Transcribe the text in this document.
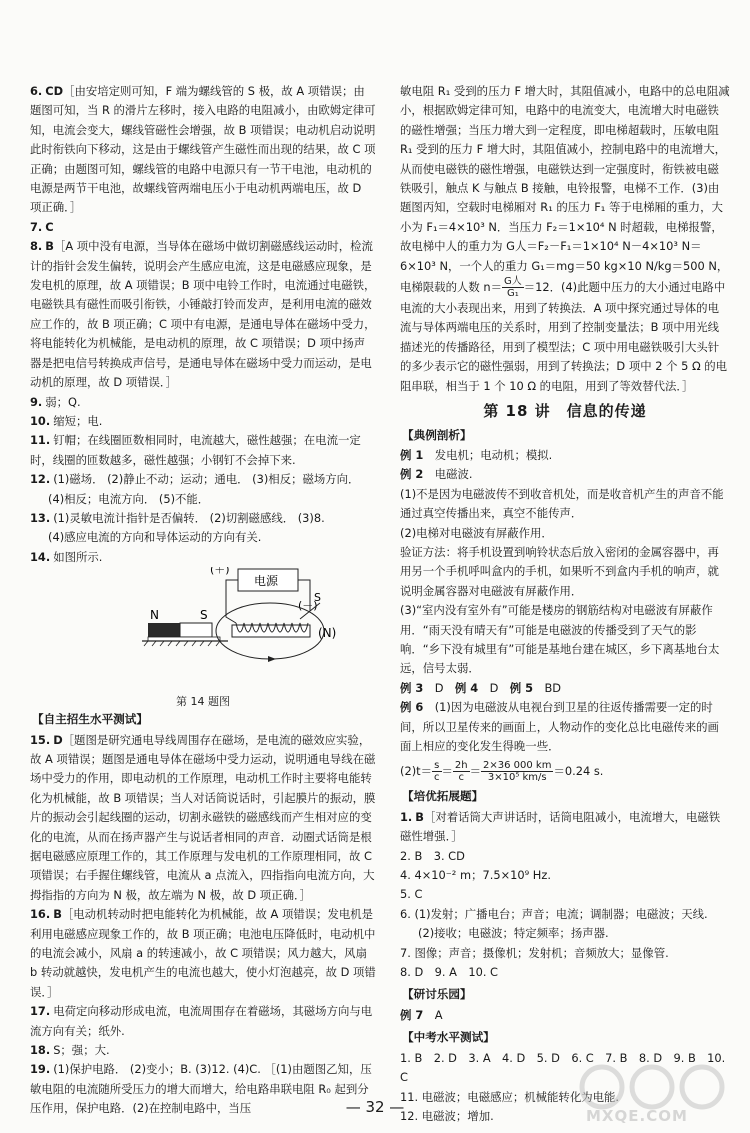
6. CD［由安培定则可知，F 端为螺线管的 S 极，故 A 项错误；由题图可知，当 R 的滑片左移时，接入电路的电阻减小，由欧姆定律可知，电流会变大，螺线管磁性会增强，故 B 项错误；电动机启动说明此时衔铁向下移动，这是由于螺线管产生磁性而出现的结果，故 C 项正确；由题图可知，螺线管的电路中电源只有一节干电池，电动机的电源是两节干电池，故螺线管两端电压小于电动机两端电压，故 D 项正确．］

7. C

8. B［A 项中没有电源，当导体在磁场中做切割磁感线运动时，检流计的指针会发生偏转，说明会产生感应电流，这是电磁感应现象，是发电机的原理，故 A 项错误；B 项中电铃工作时，电流通过电磁铁，电磁铁具有磁性而吸引衔铁，小锤敲打铃而发声，是利用电流的磁效应工作的，故 B 项正确；C 项中有电源，是通电导体在磁场中受力，将电能转化为机械能，是电动机的原理，故 C 项错误；D 项中扬声器是把电信号转换成声信号，是通电导体在磁场中受力而运动，是电动机的原理，故 D 项错误．］

9. 弱；Q.

10. 缩短；电.

11. 钉帽；在线圈匝数相同时，电流越大，磁性越强；在电流一定时，线圈的匝数越多，磁性越强；小钢钉不会掉下来.

12. (1)磁场． (2)静止不动；运动；通电． (3)相反；磁场方向．

(4)相反；电流方向． (5)不能．

13. (1)灵敏电流计指针是否偏转． (2)切割磁感线． (3)8.

(4)感应电流的方向和导体运动的方向有关.

14. 如图所示.

N	S
电源
(＋)
(－)
S
(N)
第 14 题图
【自主招生水平测试】

15. D［题图是研究通电导线周围存在磁场，是电流的磁效应实验，故 A 项错误；题图是通电导体在磁场中受力运动，说明通电导线在磁场中受力的作用，即电动机的工作原理，电动机工作时主要将电能转化为机械能，故 B 项错误；当人对话筒说话时，引起膜片的振动，膜片的振动会引起线圈的运动，切割永磁铁的磁感线而产生相对应的变化的电流，从而在扬声器产生与说话者相同的声音．动圈式话筒是根据电磁感应原理工作的，其工作原理与发电机的工作原理相同，故 C 项错误；右手握住螺线管，电流从 a 点流入，四指指向电流方向，大拇指指的方向为 N 极，故左端为 N 极，故 D 项正确．］

16. B［电动机转动时把电能转化为机械能，故 A 项错误；发电机是利用电磁感应现象工作的，故 B 项正确；电池电压降低时，电动机中的电流会减小，风扇 a 的转速减小，故 C 项错误；风力越大，风扇 b 转动就越快，发电机产生的电流也越大，使小灯泡越亮，故 D 项错误．］

17. 电荷定向移动形成电流，电流周围存在着磁场，其磁场方向与电流方向有关；纸外.

18. S；强；大.

19. (1)保护电路． (2)变小；B. (3)12. (4)C. ［(1)由题图乙知，压敏电阻的电流随所受压力的增大而增大，给电路串联电阻 R₀ 起到分压作用，保护电路．(2)在控制电路中，当压

敏电阻 R₁ 受到的压力 F 增大时，其阻值减小，电路中的总电阻减小，根据欧姆定律可知，电路中的电流变大，电流增大时电磁铁的磁性增强；当压力增大到一定程度，即电梯超载时，压敏电阻 R₁ 受到的压力 F 增大时，其阻值减小，控制电路中的电流增大，从而使电磁铁的磁性增强，电磁铁达到一定强度时，衔铁被电磁铁吸引，触点 K 与触点 B 接触，电铃报警，电梯不工作．(3)由题图丙知，空载时电梯厢对 R₁ 的压力 F₁ 等于电梯厢的重力，大小为 F₁＝4×10³ N．当压力 F₂＝1×10⁴ N 时超载，电梯报警，故电梯中人的重力为 G人＝F₂－F₁＝1×10⁴ N－4×10³ N＝6×10³ N，一个人的重力 G₁＝mg＝50 kg×10 N/kg＝500 N，电梯限载的人数 $n= \frac{\text{G人}}{\text{G₁}} =12$．(4)此题中压力的大小通过电路中电流的大小表现出来，用到了转换法．A 项中探究通过导体的电流与导体两端电压的关系时，用到了控制变量法；B 项中用光线描述光的传播路径，用到了模型法；C 项中用电磁铁吸引大头针的多少表示它的磁性强弱，用到了转换法；D 项中 2 个 5 Ω 的电阻串联，相当于 1 个 10 Ω 的电阻，用到了等效替代法．］

第 18 讲　信息的传递
【典例剖析】

例 1　 发电机；电动机；模拟.

例 2　 电磁波.

(1)不是因为电磁波传不到收音机处，而是收音机产生的声音不能通过真空传播出来，真空不能传声．

(2)电梯对电磁波有屏蔽作用．

验证方法：将手机设置到响铃状态后放入密闭的金属容器中，再用另一个手机呼叫盒内的手机，如果听不到盒内手机的响声，就说明金属容器对电磁波有屏蔽作用．

(3)“室内没有室外有”可能是楼房的钢筋结构对电磁波有屏蔽作用．“雨天没有晴天有”可能是电磁波的传播受到了天气的影响．“乡下没有城里有”可能是基地台建在城区，乡下离基地台太远，信号太弱．

例 3　 D　 例 4　 D　 例 5　 BD

例 6　 (1)因为电磁波从电视台到卫星的往返传播需要一定的时间，所以卫星传来的画面上，人物动作的变化总比电磁传来的画面上相应的变化发生得晚一些．

$(2)t= \frac{s}{c} = \frac{2h}{c} = \frac{2\times 36 000 km}{\text{3×10⁵ km/s}} =0.24$ s.

【培优拓展题】

1. B［对着话筒大声讲话时，话筒电阻减小，电流增大，电磁铁磁性增强．］

2. B　3. CD

4. 4×10⁻² m；7.5×10⁹ Hz.

5. C

6. (1)发射；广播电台；声音；电流；调制器；电磁波；天线.

(2)接收；电磁波；特定频率；扬声器.

7. 图像；声音；摄像机；发射机；音频放大；显像管.

8. D　9. A　10. C

【研讨乐园】

例 7　 A

【中考水平测试】

1. B　2. D　3. A　4. D　5. D　6. C　7. B　8. D　9. B　10. C

11. 电磁波；电磁感应；机械能转化为电能.

12. 电磁波；增加.

— 32 —	MXQE.COM
